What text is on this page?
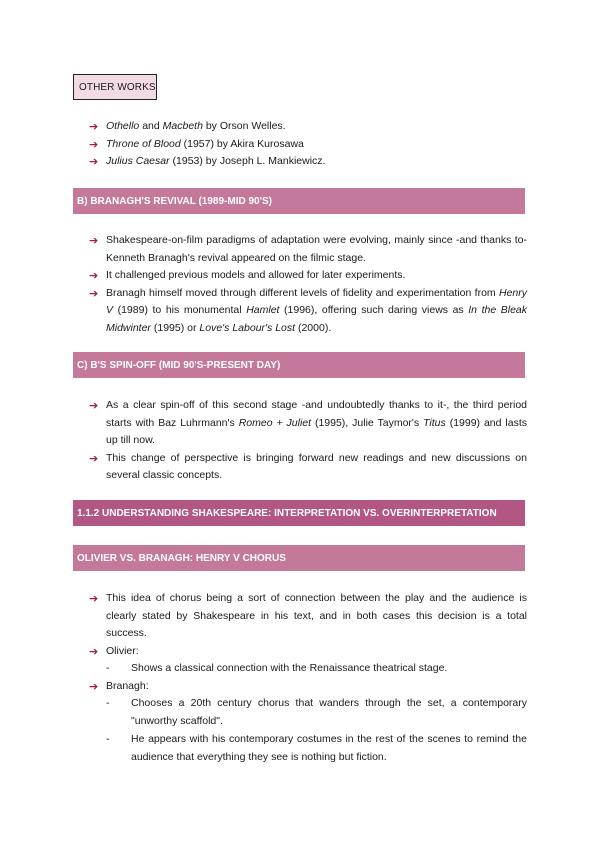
OTHER WORKS
➔ Othello and Macbeth by Orson Welles.
➔ Throne of Blood (1957) by Akira Kurosawa
➔ Julius Caesar (1953) by Joseph L. Mankiewicz.
B) BRANAGH'S REVIVAL (1989-MID 90'S)
➔ Shakespeare-on-film paradigms of adaptation were evolving, mainly since -and thanks to- Kenneth Branagh's revival appeared on the filmic stage.
➔ It challenged previous models and allowed for later experiments.
➔ Branagh himself moved through different levels of fidelity and experimentation from Henry V (1989) to his monumental Hamlet (1996), offering such daring views as In the Bleak Midwinter (1995) or Love's Labour's Lost (2000).
C) B'S SPIN-OFF (MID 90'S-PRESENT DAY)
➔ As a clear spin-off of this second stage -and undoubtedly thanks to it-, the third period starts with Baz Luhrmann's Romeo + Juliet (1995), Julie Taymor's Titus (1999) and lasts up till now.
➔ This change of perspective is bringing forward new readings and new discussions on several classic concepts.
1.1.2 UNDERSTANDING SHAKESPEARE: INTERPRETATION VS. OVERINTERPRETATION
OLIVIER VS. BRANAGH: HENRY V CHORUS
➔ This idea of chorus being a sort of connection between the play and the audience is clearly stated by Shakespeare in his text, and in both cases this decision is a total success.
➔ Olivier:
- Shows a classical connection with the Renaissance theatrical stage.
➔ Branagh:
- Chooses a 20th century chorus that wanders through the set, a contemporary "unworthy scaffold".
- He appears with his contemporary costumes in the rest of the scenes to remind the audience that everything they see is nothing but fiction.
